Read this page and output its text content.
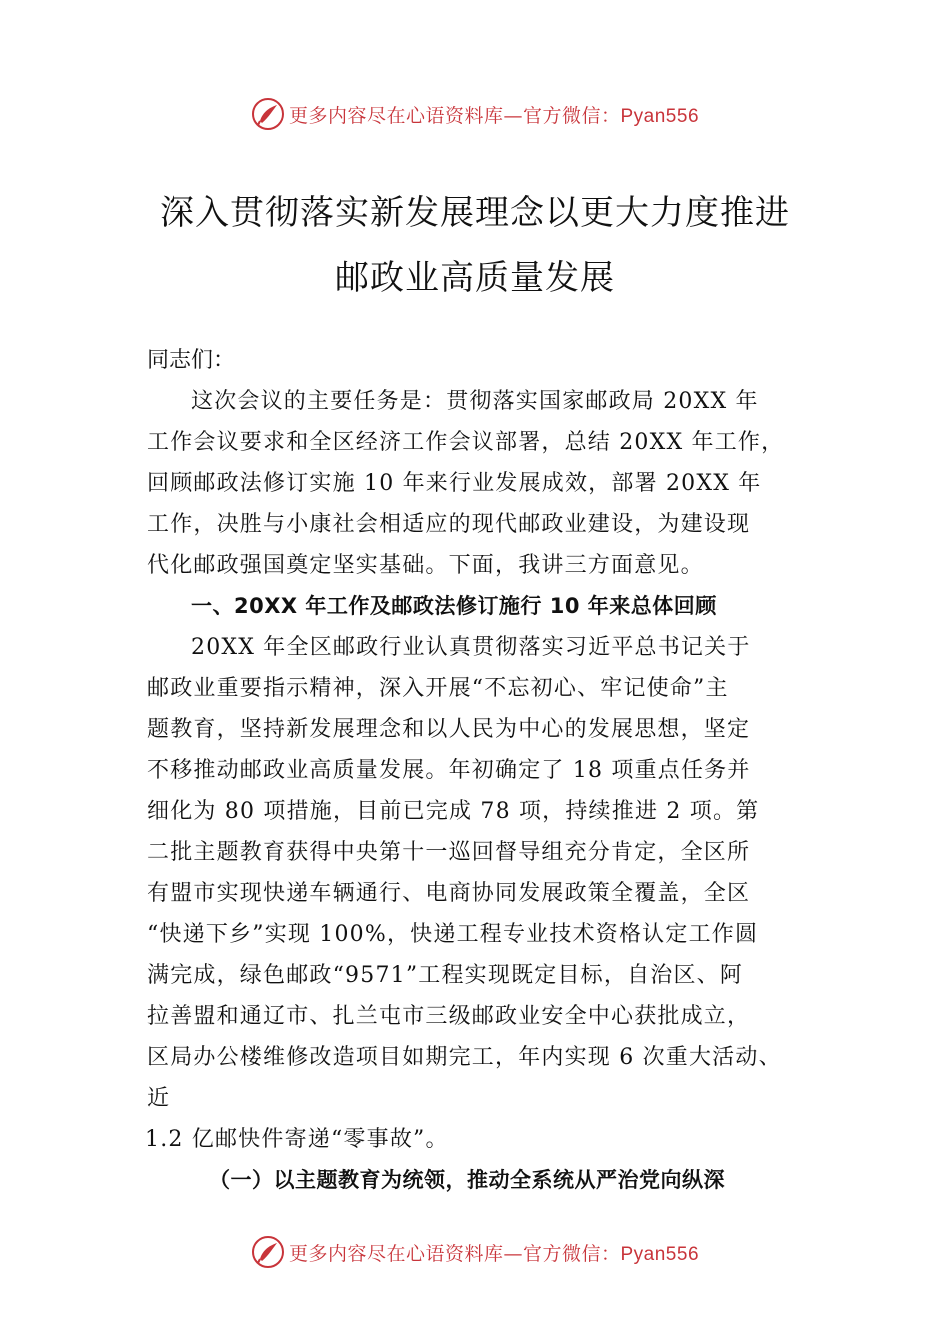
更多内容尽在心语资料库—官方微信：Pyan556
深入贯彻落实新发展理念以更大力度推进
邮政业高质量发展

同志们：

这次会议的主要任务是：贯彻落实国家邮政局 20XX 年
工作会议要求和全区经济工作会议部署，总结 20XX 年工作，
回顾邮政法修订实施 10 年来行业发展成效，部署 20XX 年
工作，决胜与小康社会相适应的现代邮政业建设，为建设现
代化邮政强国奠定坚实基础。下面，我讲三方面意见。

一、20XX 年工作及邮政法修订施行 10 年来总体回顾

20XX 年全区邮政行业认真贯彻落实习近平总书记关于
邮政业重要指示精神，深入开展“不忘初心、牢记使命”主
题教育，坚持新发展理念和以人民为中心的发展思想，坚定
不移推动邮政业高质量发展。年初确定了 18 项重点任务并
细化为 80 项措施，目前已完成 78 项，持续推进 2 项。第
二批主题教育获得中央第十一巡回督导组充分肯定，全区所
有盟市实现快递车辆通行、电商协同发展政策全覆盖，全区
“快递下乡”实现 100%，快递工程专业技术资格认定工作圆
满完成，绿色邮政“9571”工程实现既定目标，自治区、阿
拉善盟和通辽市、扎兰屯市三级邮政业安全中心获批成立，
区局办公楼维修改造项目如期完工，年内实现 6 次重大活动、
近
1.2 亿邮快件寄递“零事故”。

（一）以主题教育为统领，推动全系统从严治党向纵深

更多内容尽在心语资料库—官方微信：Pyan556
